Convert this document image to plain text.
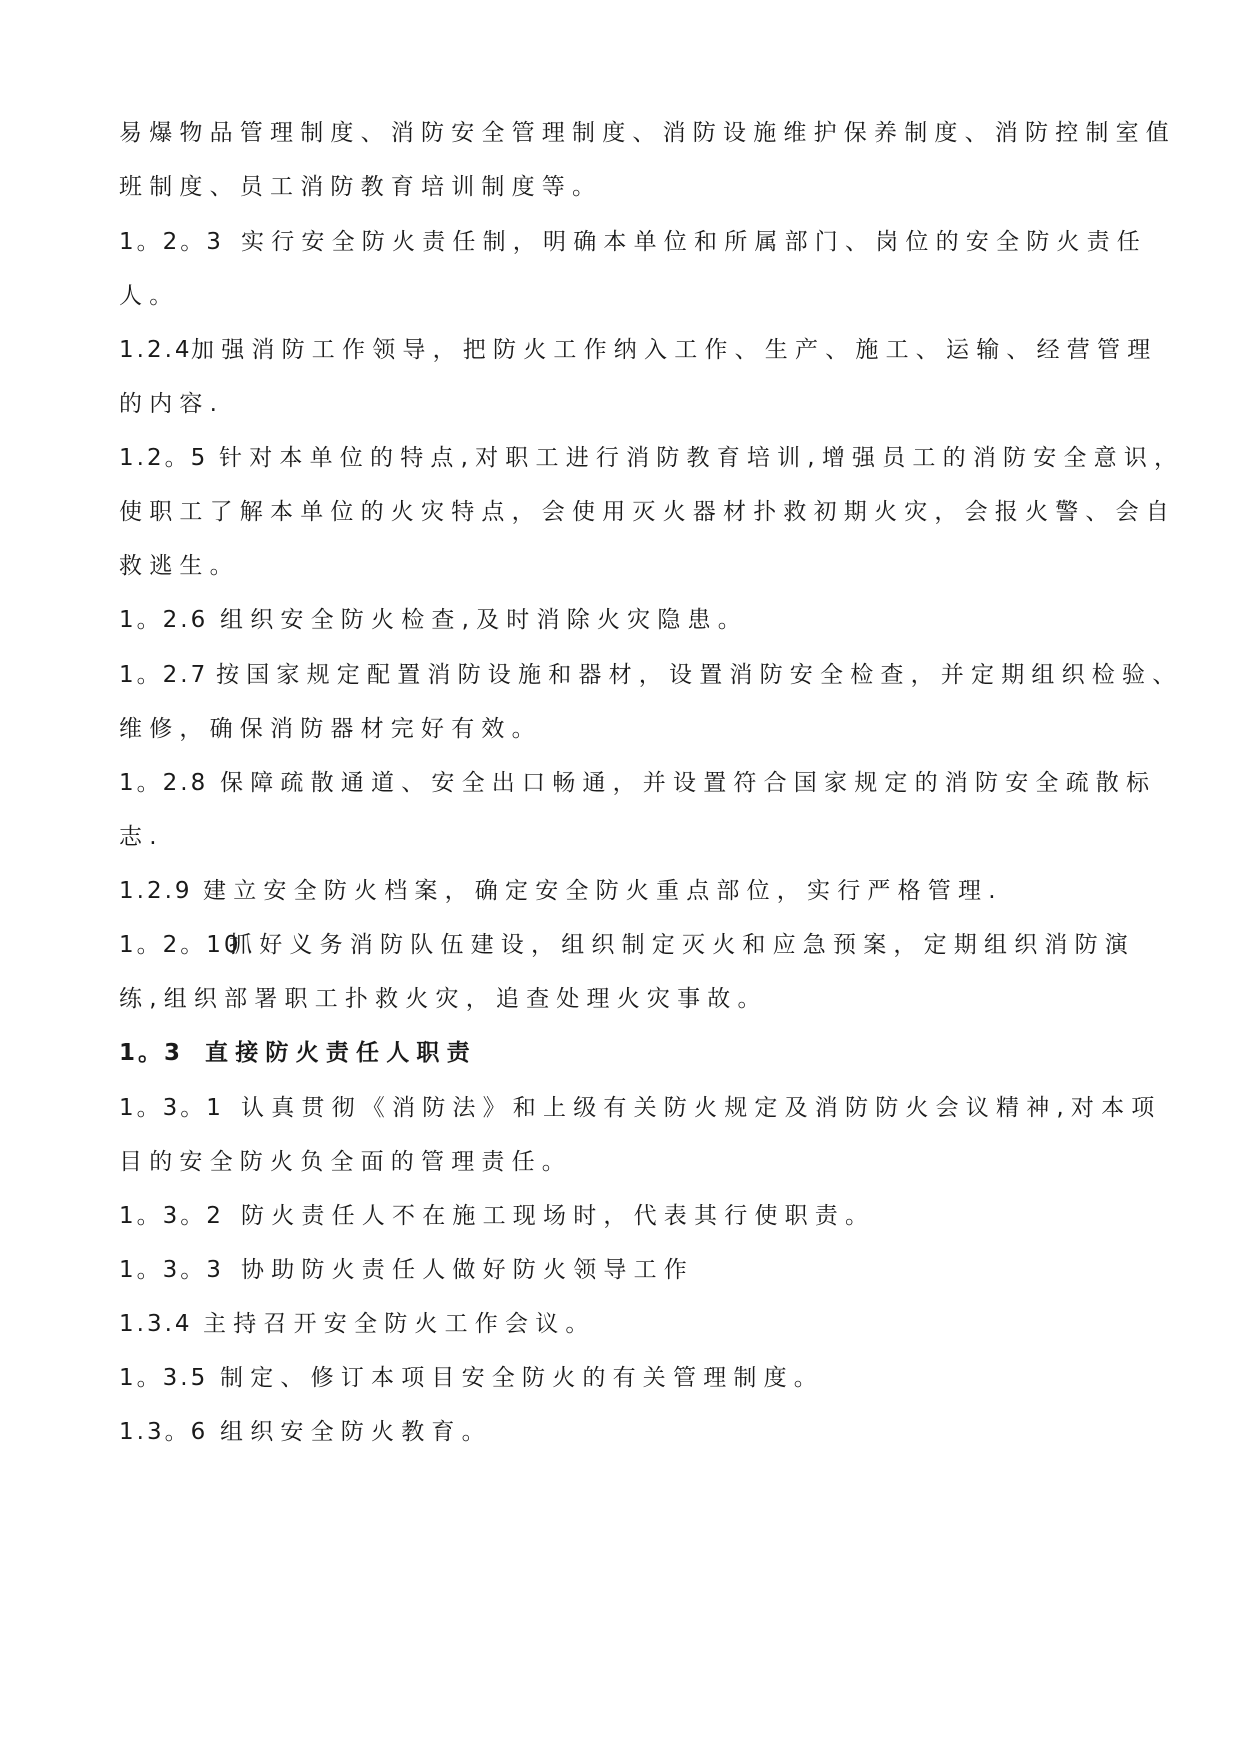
易爆物品管理制度、消防安全管理制度、消防设施维护保养制度、消防控制室值
班制度、员工消防教育培训制度等。
1。2。3 实行安全防火责任制，明确本单位和所属部门、岗位的安全防火责任
人。
1.2.4加强消防工作领导，把防火工作纳入工作、生产、施工、运输、经营管理
的内容.
1.2。5 针对本单位的特点,对职工进行消防教育培训,增强员工的消防安全意识，
使职工了解本单位的火灾特点，会使用灭火器材扑救初期火灾，会报火警、会自
救逃生。
1。2.6 组织安全防火检查,及时消除火灾隐患。
1。2.7 按国家规定配置消防设施和器材，设置消防安全检查，并定期组织检验、
维修，确保消防器材完好有效。
1。2.8 保障疏散通道、安全出口畅通，并设置符合国家规定的消防安全疏散标
志.
1.2.9 建立安全防火档案，确定安全防火重点部位，实行严格管理.
1。2。10抓好义务消防队伍建设，组织制定灭火和应急预案，定期组织消防演
练,组织部署职工扑救火灾，追查处理火灾事故。
1。3 直接防火责任人职责
1。3。1 认真贯彻《消防法》和上级有关防火规定及消防防火会议精神,对本项
目的安全防火负全面的管理责任。
1。3。2 防火责任人不在施工现场时，代表其行使职责。
1。3。3 协助防火责任人做好防火领导工作
1.3.4 主持召开安全防火工作会议。
1。3.5 制定、修订本项目安全防火的有关管理制度。
1.3。6 组织安全防火教育。
